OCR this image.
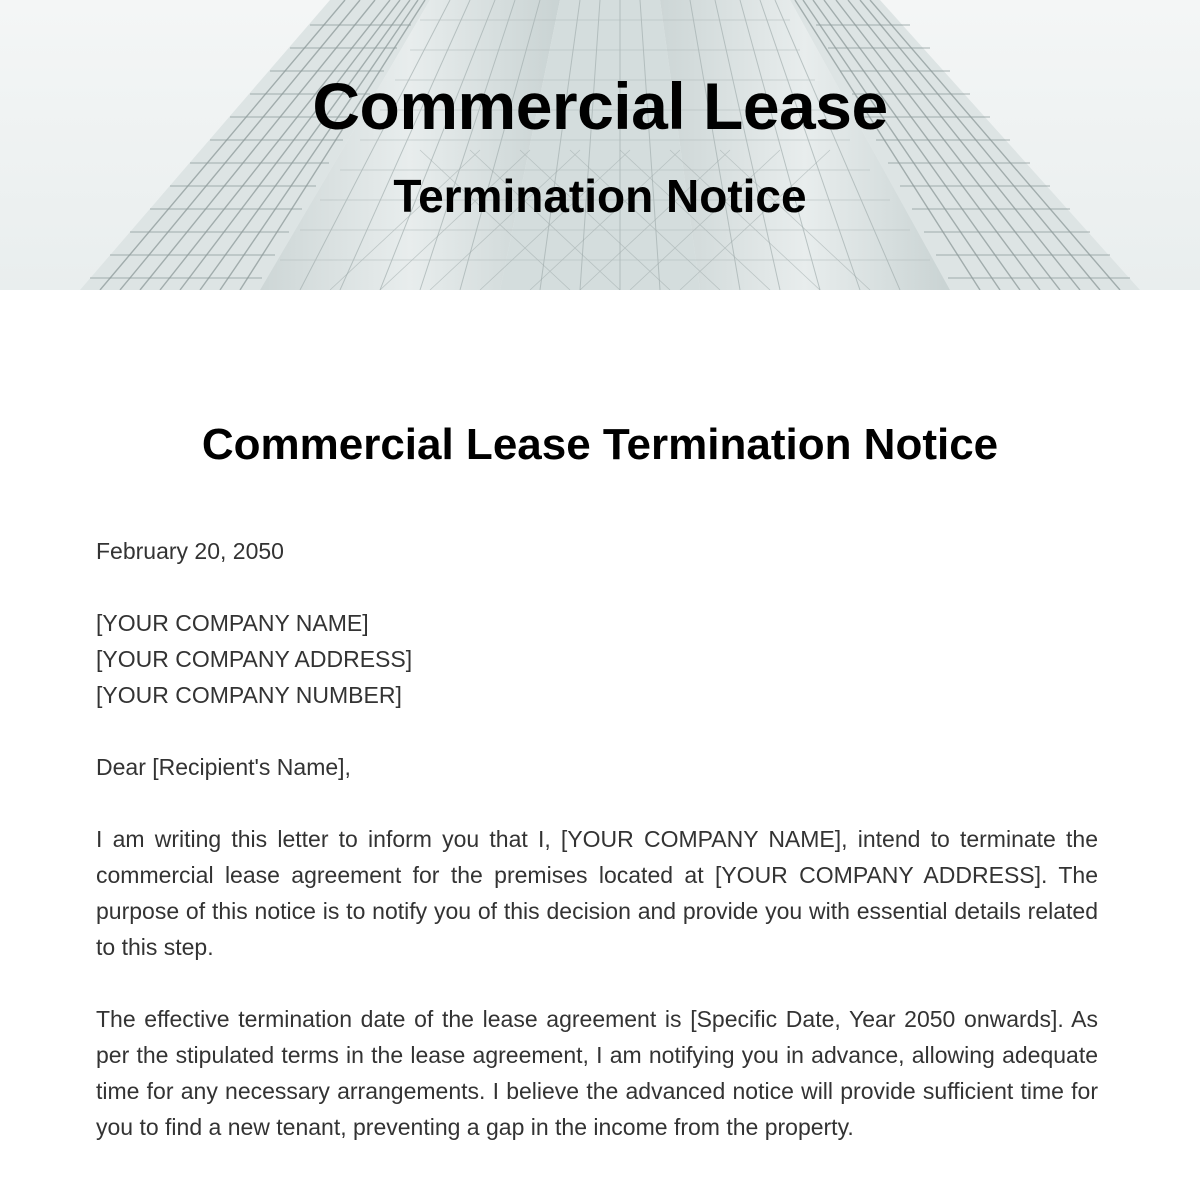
Commercial Lease
Termination Notice
Commercial Lease Termination Notice

February 20, 2050

[YOUR COMPANY NAME]
[YOUR COMPANY ADDRESS]
[YOUR COMPANY NUMBER]

Dear [Recipient's Name],

I am writing this letter to inform you that I, [YOUR COMPANY NAME], intend to terminate the commercial lease agreement for the premises located at [YOUR COMPANY ADDRESS]. The purpose of this notice is to notify you of this decision and provide you with essential details related to this step.

The effective termination date of the lease agreement is [Specific Date, Year 2050 onwards]. As per the stipulated terms in the lease agreement, I am notifying you in advance, allowing adequate time for any necessary arrangements. I believe the advanced notice will provide sufficient time for you to find a new tenant, preventing a gap in the income from the property.
